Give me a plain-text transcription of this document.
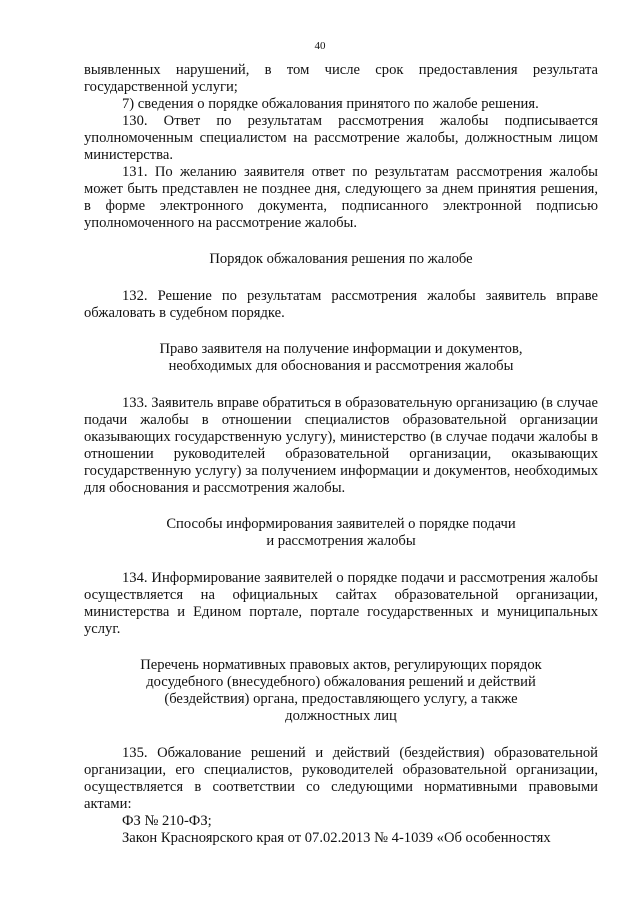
40

выявленных нарушений, в том числе срок предоставления результата государственной услуги;

7) сведения о порядке обжалования принятого по жалобе решения.

130. Ответ по результатам рассмотрения жалобы подписывается уполномоченным специалистом на рассмотрение жалобы, должностным лицом министерства.

131. По желанию заявителя ответ по результатам рассмотрения жалобы может быть представлен не позднее дня, следующего за днем принятия решения, в форме электронного документа, подписанного электронной подписью уполномоченного на рассмотрение жалобы.

Порядок обжалования решения по жалобе

132. Решение по результатам рассмотрения жалобы заявитель вправе обжаловать в судебном порядке.

Право заявителя на получение информации и документов,
необходимых для обоснования и рассмотрения жалобы

133. Заявитель вправе обратиться в образовательную организацию (в случае подачи жалобы в отношении специалистов образовательной организации оказывающих государственную услугу), министерство (в случае подачи жалобы в отношении руководителей образовательной организации, оказывающих государственную услугу) за получением информации и документов, необходимых для обоснования и рассмотрения жалобы.

Способы информирования заявителей о порядке подачи
и рассмотрения жалобы

134. Информирование заявителей о порядке подачи и рассмотрения жалобы осуществляется на официальных сайтах образовательной организации, министерства и Едином портале, портале государственных и муниципальных услуг.

Перечень нормативных правовых актов, регулирующих порядок
досудебного (внесудебного) обжалования решений и действий
(бездействия) органа, предоставляющего услугу, а также
должностных лиц

135. Обжалование решений и действий (бездействия) образовательной организации, его специалистов, руководителей образовательной организации, осуществляется в соответствии со следующими нормативными правовыми актами:

ФЗ № 210-ФЗ;

Закон Красноярского края от 07.02.2013 № 4-1039 «Об особенностях
